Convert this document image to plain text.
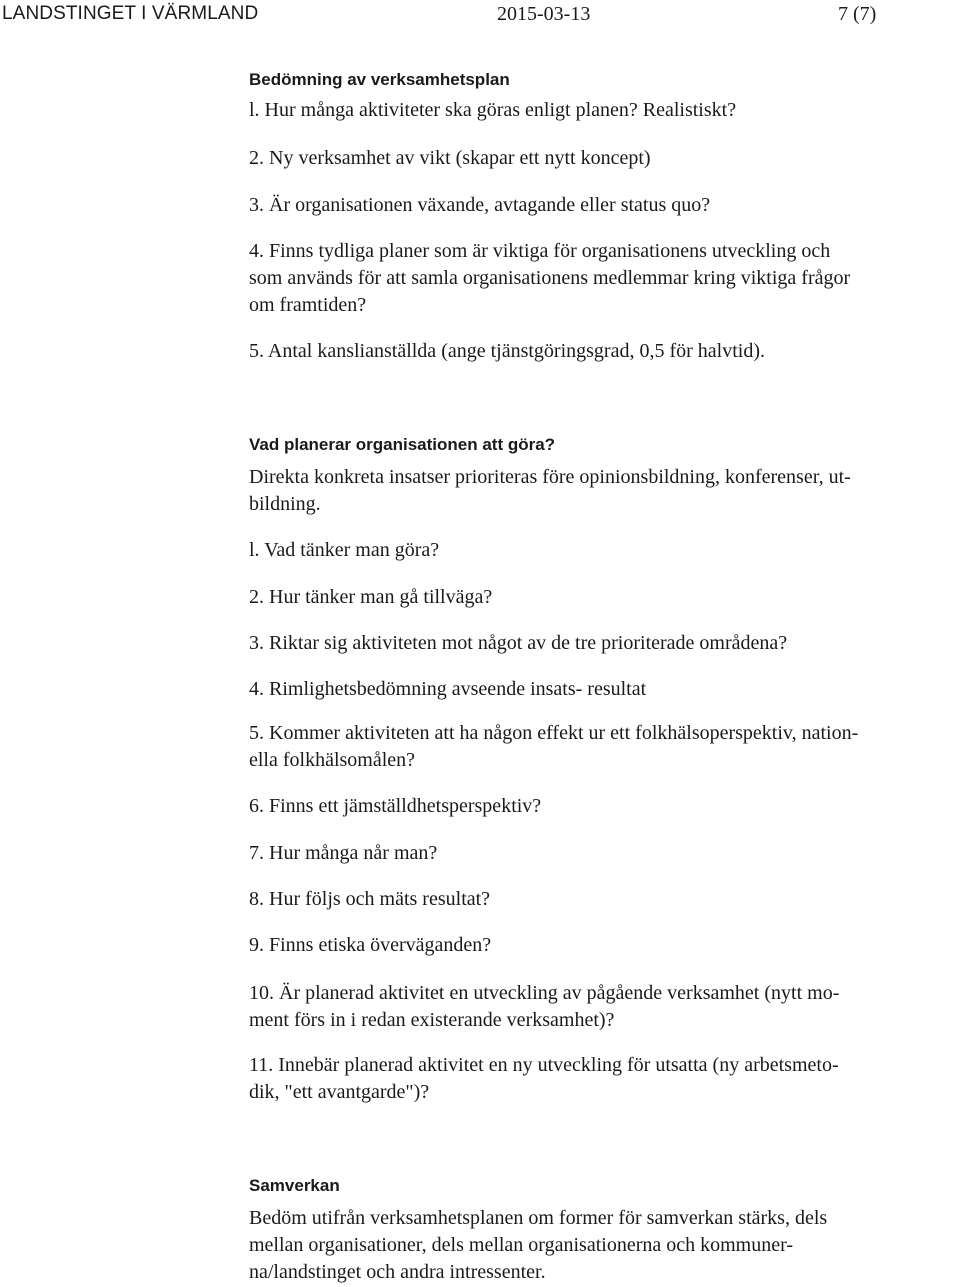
LANDSTINGET I VÄRMLAND	2015-03-13	7 (7)
Bedömning av verksamhetsplan
l. Hur många aktiviteter ska göras enligt planen? Realistiskt?
2. Ny verksamhet av vikt (skapar ett nytt koncept)
3. Är organisationen växande, avtagande eller status quo?
4. Finns tydliga planer som är viktiga för organisationens utveckling och
som används för att samla organisationens medlemmar kring viktiga frågor
om framtiden?
5. Antal kanslianställda (ange tjänstgöringsgrad, 0,5 för halvtid).
Vad planerar organisationen att göra?
Direkta konkreta insatser prioriteras före opinionsbildning, konferenser, ut-
bildning.
l. Vad tänker man göra?
2. Hur tänker man gå tillväga?
3. Riktar sig aktiviteten mot något av de tre prioriterade områdena?
4. Rimlighetsbedömning avseende insats- resultat
5. Kommer aktiviteten att ha någon effekt ur ett folkhälsoperspektiv, nation-
ella folkhälsomålen?
6. Finns ett jämställdhetsperspektiv?
7. Hur många når man?
8. Hur följs och mäts resultat?
9. Finns etiska överväganden?
10. Är planerad aktivitet en utveckling av pågående verksamhet (nytt mo-
ment förs in i redan existerande verksamhet)?
11. Innebär planerad aktivitet en ny utveckling för utsatta (ny arbetsmeto-
dik, "ett avantgarde")?
Samverkan
Bedöm utifrån verksamhetsplanen om former för samverkan stärks, dels
mellan organisationer, dels mellan organisationerna och kommuner-
na/landstinget och andra intressenter.
